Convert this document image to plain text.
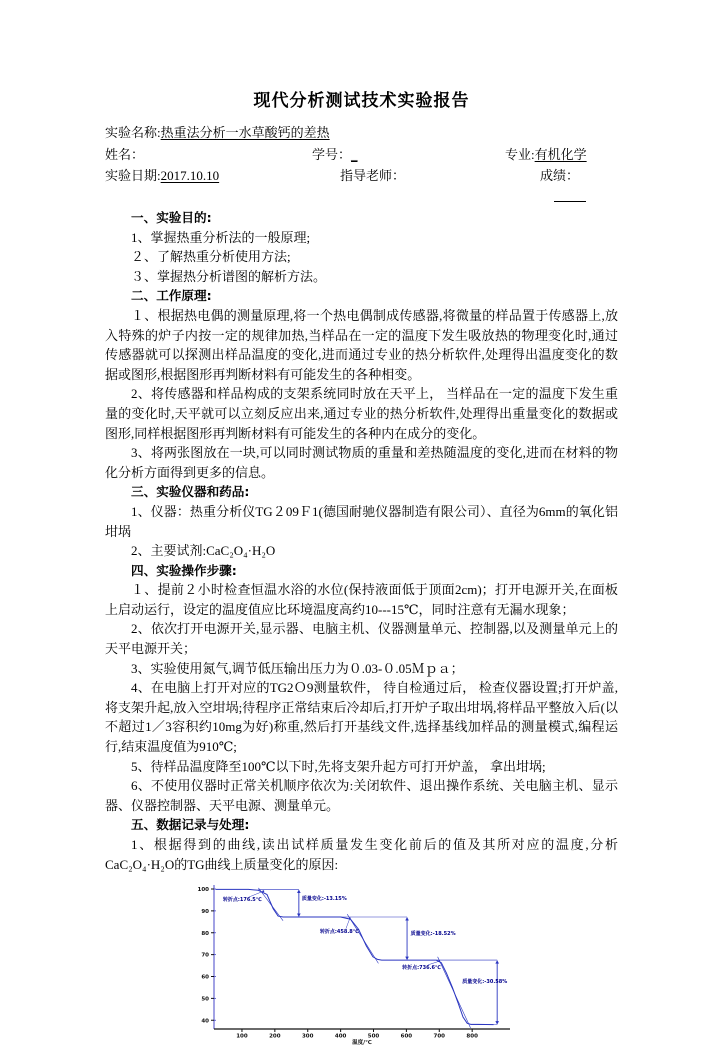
现代分析测试技术实验报告
实验名称:热重法分析一水草酸钙的差热
姓名：	学号：_	专业:有机化学
实验日期:2017.10.10	指导老师：	成绩：
一、实验目的:
1、掌握热重分析法的一般原理;
２、了解热重分析使用方法;
３、掌握热分析谱图的解析方法。
二、工作原理:
１、根据热电偶的测量原理,将一个热电偶制成传感器,将微量的样品置于传感器上,放入特殊的炉子内按一定的规律加热,当样品在一定的温度下发生吸放热的物理变化时,通过传感器就可以探测出样品温度的变化,进而通过专业的热分析软件,处理得出温度变化的数据或图形,根据图形再判断材料有可能发生的各种相变。
2、将传感器和样品构成的支架系统同时放在天平上， 当样品在一定的温度下发生重量的变化时,天平就可以立刻反应出来,通过专业的热分析软件,处理得出重量变化的数据或图形,同样根据图形再判断材料有可能发生的各种内在成分的变化。
3、将两张图放在一块,可以同时测试物质的重量和差热随温度的变化,进而在材料的物化分析方面得到更多的信息。
三、实验仪器和药品:
1、仪器：热重分析仪TG２09Ｆ1(德国耐驰仪器制造有限公司）、直径为6mm的氧化铝坩埚
2、主要试剂:CaC₂O₄·H₂O
四、实验操作步骤:
１、提前２小时检查恒温水浴的水位(保持液面低于顶面2cm)；打开电源开关,在面板上启动运行，设定的温度值应比环境温度高约10---15℃，同时注意有无漏水现象；
2、依次打开电源开关,显示器、电脑主机、仪器测量单元、控制器,以及测量单元上的天平电源开关；
3、实验使用氮气,调节低压输出压力为０.03-０.05Ｍｐａ；
4、在电脑上打开对应的TG2Ｏ9测量软件， 待自检通过后， 检查仪器设置;打开炉盖,将支架升起,放入空坩埚;待程序正常结束后冷却后,打开炉子取出坩埚,将样品平整放入后(以不超过1／3容积约10mg为好)称重,然后打开基线文件,选择基线加样品的测量模式,编程运行,结束温度值为910℃;
5、待样品温度降至100℃以下时,先将支架升起方可打开炉盖， 拿出坩埚;
6、不使用仪器时正常关机顺序依次为:关闭软件、退出操作系统、关电脑主机、显示器、仪器控制器、天平电源、测量单元。
五、数据记录与处理:
1、根据得到的曲线,读出试样质量发生变化前后的值及其所对应的温度,分析CaC₂O₄·H₂O的TG曲线上质量变化的原因:
100	200	300	400	500	600	700	800
40
50
60
70
80
90
100
温度/℃
转折点:176.5℃	质量变化:-13.15%
转折点:458.8℃	质量变化:-18.52%
转折点:736.6℃
质量变化:-30.58%
